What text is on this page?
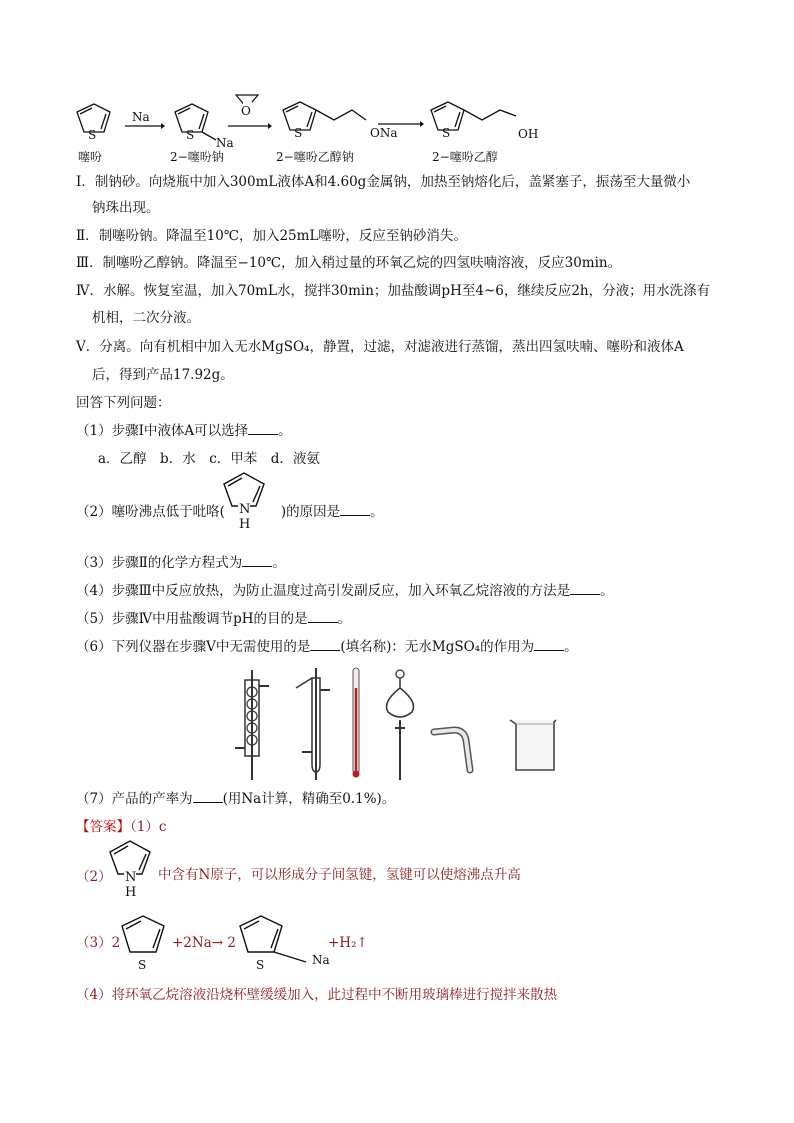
S
噻吩
Na
S
Na
2−噻吩钠
O
→ S	ONa
2−噻吩乙醇钠
S	OH
2−噻吩乙醇
Ⅰ．制钠砂。向烧瓶中加入300mL液体A和4.60g金属钠，加热至钠熔化后，盖紧塞子，振荡至大量微小
钠珠出现。
Ⅱ．制噻吩钠。降温至10℃，加入25mL噻吩，反应至钠砂消失。
Ⅲ．制噻吩乙醇钠。降温至−10℃，加入稍过量的环氧乙烷的四氢呋喃溶液，反应30min。
Ⅳ．水解。恢复室温，加入70mL水，搅拌30min；加盐酸调pH至4~6，继续反应2h，分液；用水洗涤有
机相，二次分液。
Ⅴ．分离。向有机相中加入无水MgSO₄，静置，过滤，对滤液进行蒸馏，蒸出四氢呋喃、噻吩和液体A
后，得到产品17.92g。
回答下列问题：
（1）步骤Ⅰ中液体A可以选择 。
a．乙醇　b．水　c．甲苯　d．液氨
（2）噻吩沸点低于吡咯(	)的原因是 。
N
H
（3）步骤Ⅱ的化学方程式为 。
（4）步骤Ⅲ中反应放热，为防止温度过高引发副反应，加入环氧乙烷溶液的方法是 。
（5）步骤Ⅳ中用盐酸调节pH的目的是 。
（6）下列仪器在步骤Ⅴ中无需使用的是 (填名称)：无水MgSO₄的作用为 。
（7）产品的产率为 (用Na计算，精确至0.1%)。
【答案】（1）c
（2） N
H
中含有N原子，可以形成分子间氢键，氢键可以使熔沸点升高
（3）2
S
+2Na→ 2
S	Na
+H₂↑
（4）将环氧乙烷溶液沿烧杯壁缓缓加入，此过程中不断用玻璃棒进行搅拌来散热
